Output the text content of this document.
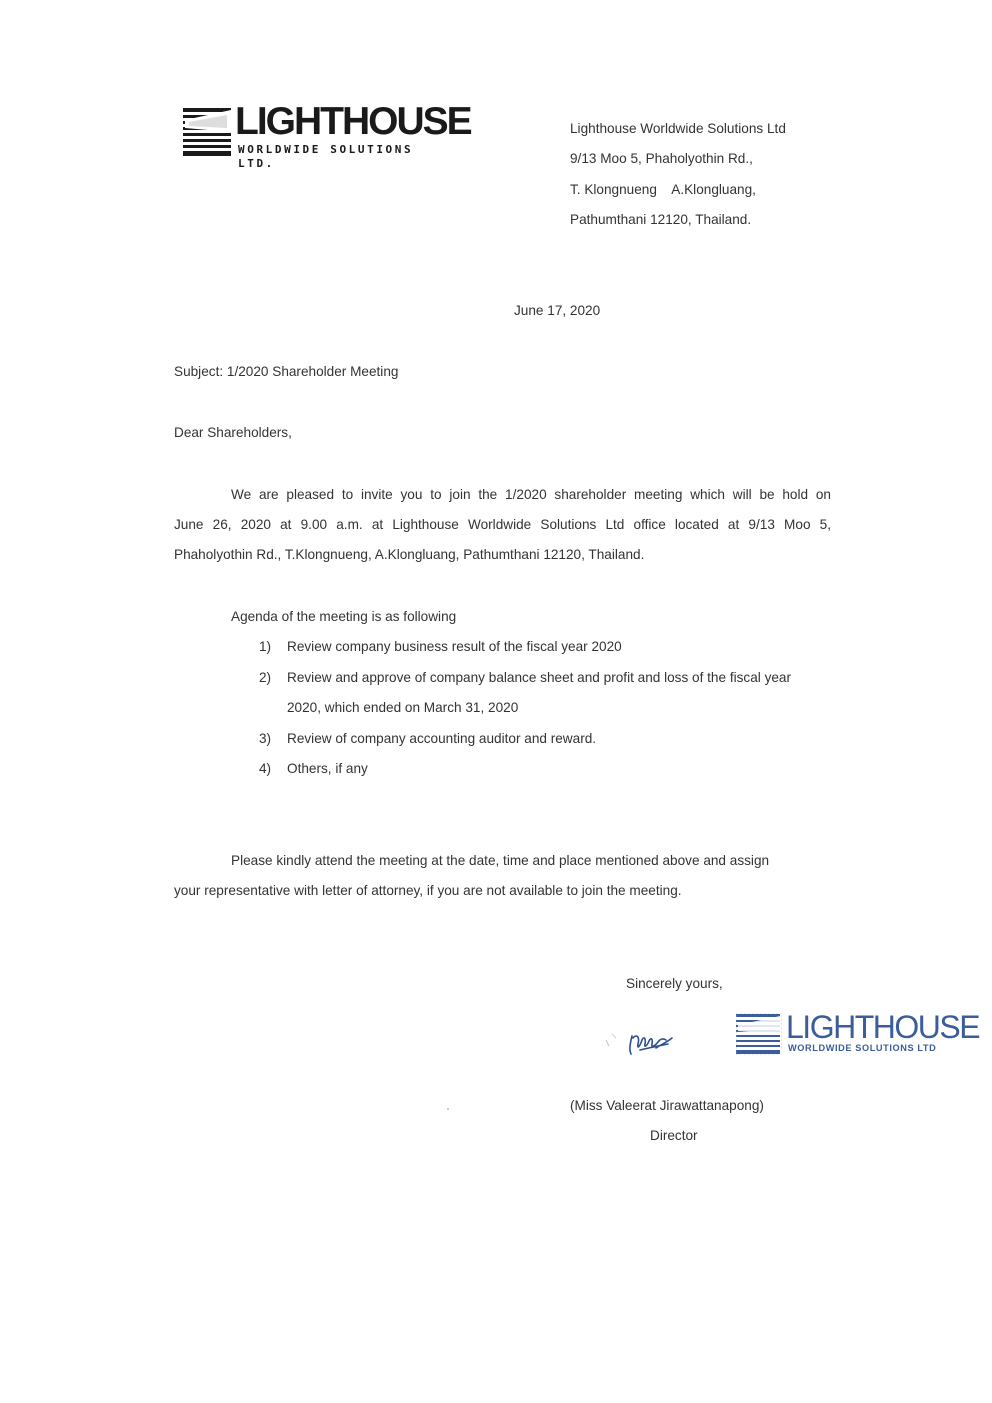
LIGHTHOUSE
WORLDWIDE SOLUTIONS LTD.
Lighthouse Worldwide Solutions Ltd
9/13 Moo 5, Phaholyothin Rd.,
T. Klongnueng    A.Klongluang,
Pathumthani 12120, Thailand.
June 17, 2020
Subject: 1/2020 Shareholder Meeting
Dear Shareholders,
We are pleased to invite you to join the 1/2020 shareholder meeting which will be hold on
June 26, 2020 at 9.00 a.m. at Lighthouse Worldwide Solutions Ltd office located at 9/13 Moo 5,
Phaholyothin Rd., T.Klongnueng, A.Klongluang, Pathumthani 12120, Thailand.
Agenda of the meeting is as following
1) Review company business result of the fiscal year 2020
2) Review and approve of company balance sheet and profit and loss of the fiscal year
2020, which ended on March 31, 2020
3) Review of company accounting auditor and reward.
4) Others, if any
Please kindly attend the meeting at the date, time and place mentioned above and assign
your representative with letter of attorney, if you are not available to join the meeting.
Sincerely yours,
LIGHTHOUSE
WORLDWIDE SOLUTIONS LTD
(Miss Valeerat Jirawattanapong)
Director
